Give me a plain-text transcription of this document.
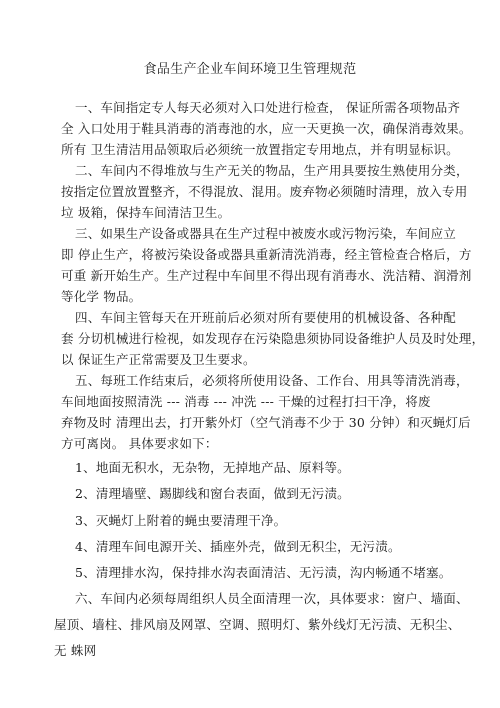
食品生产企业车间环境卫生管理规范
一、车间指定专人每天必须对入口处进行检查， 保证所需各项物品齐
全 入口处用于鞋具消毒的消毒池的水，应一天更换一次，确保消毒效果。
所有 卫生清洁用品领取后必须统一放置指定专用地点，并有明显标识。
二、车间内不得堆放与生产无关的物品，生产用具要按生熟使用分类，
按指定位置放置整齐，不得混放、混用。废弃物必须随时清理，放入专用
垃 圾箱，保持车间清洁卫生。
三、如果生产设备或器具在生产过程中被废水或污物污染，车间应立
即 停止生产，将被污染设备或器具重新清洗消毒，经主管检查合格后，方
可重 新开始生产。生产过程中车间里不得出现有消毒水、洗洁精、润滑剂
等化学 物品。
四、车间主管每天在开班前后必须对所有要使用的机械设备、各种配
套 分切机械进行检视，如发现存在污染隐患须协同设备维护人员及时处理，
以 保证生产正常需要及卫生要求。
五、每班工作结束后，必须将所使用设备、工作台、用具等清洗消毒，
车间地面按照清洗 --- 消毒 --- 冲洗 --- 干燥的过程打扫干净，将废
弃物及时 清理出去，打开紫外灯（空气消毒不少于 30 分钟）和灭蝇灯后
方可离岗。 具体要求如下：
1、地面无积水，无杂物，无掉地产品、原料等。
2、清理墙壁、踢脚线和窗台表面，做到无污渍。
3、灭蝇灯上附着的蝇虫要清理干净。
4、清理车间电源开关、插座外壳，做到无积尘，无污渍。
5、清理排水沟，保持排水沟表面清洁、无污渍，沟内畅通不堵塞。
六、车间内必须每周组织人员全面清理一次，具体要求：窗户、墙面、
屋顶、墙柱、排风扇及网罩、空调、照明灯、紫外线灯无污渍、无积尘、
无 蛛网
